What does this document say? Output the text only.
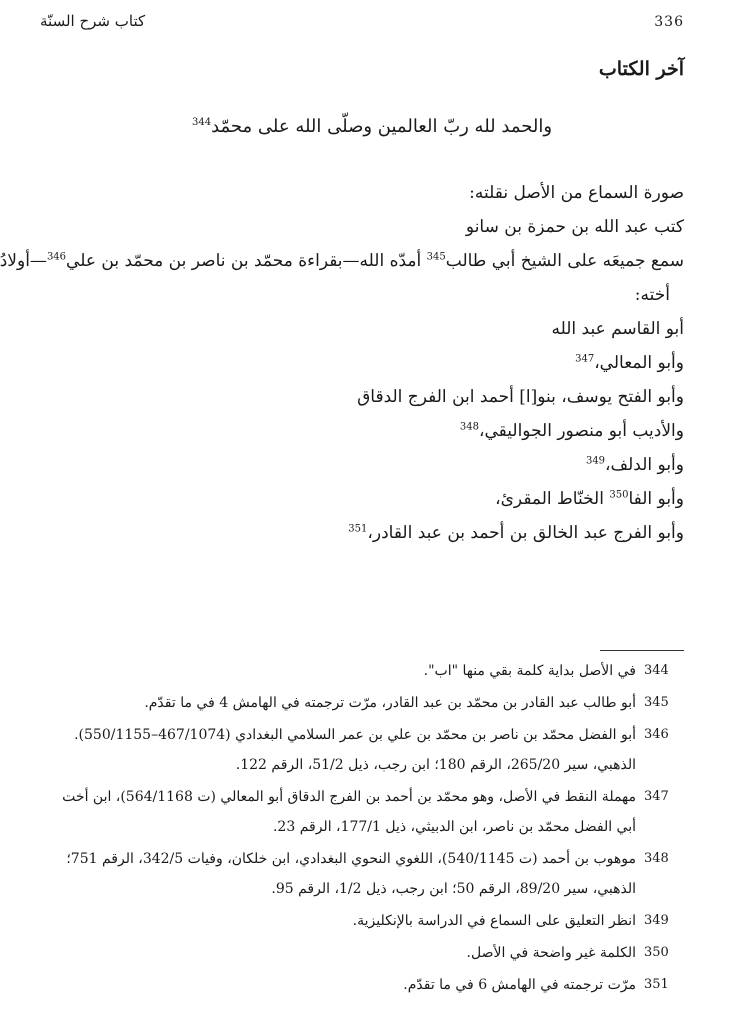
كتاب شرح السنّة	336
آخر الكتاب
والحمد لله ربّ العالمين وصلّى الله على محمّد$^{344}$
صورة السماع من الأصل نقلته:
كتب عبد الله بن حمزة بن سانو
سمع جميعَه على الشيخ أبي طالب$^{345}$ أمدّه الله—بقراءة محمّد بن ناصر بن محمّد بن علي$^{346}$—أولادُ
أخته:
أبو القاسم عبد الله
وأبو المعالي،$^{347}$
وأبو الفتح يوسف، بنو[ا] أحمد ابن الفرج الدقاق
والأديب أبو منصور الجواليقي،$^{348}$
وأبو الدلف،$^{349}$
وأبو الفا$^{350}$ الخنّاط المقرئ،
وأبو الفرج عبد الخالق بن أحمد بن عبد القادر،$^{351}$
344
في الأصل بداية كلمة بقي منها "اب".
345
أبو طالب عبد القادر بن محمّد بن عبد القادر، مرّت ترجمته في الهامش 4 في ما تقدّم.
346
أبو الفضل محمّد بن ناصر بن محمّد بن علي بن عمر السلامي البغدادي (467/1074–550/1155). الذهبي، سير 265/20، الرقم 180؛ ابن رجب، ذيل 51/2، الرقم 122.
347
مهملة النقط في الأصل، وهو محمّد بن أحمد بن الفرج الدقاق أبو المعالي (ت 564/1168)، ابن أخت أبي الفضل محمّد بن ناصر، ابن الدبيثي، ذيل 177/1، الرقم 23.
348
موهوب بن أحمد (ت 540/1145)، اللغوي النحوي البغدادي، ابن خلكان، وفيات 342/5، الرقم 751؛ الذهبي، سير 89/20، الرقم 50؛ ابن رجب، ذيل 1/2، الرقم 95.
349
انظر التعليق على السماع في الدراسة بالإنكليزية.
350
الكلمة غير واضحة في الأصل.
351
مرّت ترجمته في الهامش 6 في ما تقدّم.
